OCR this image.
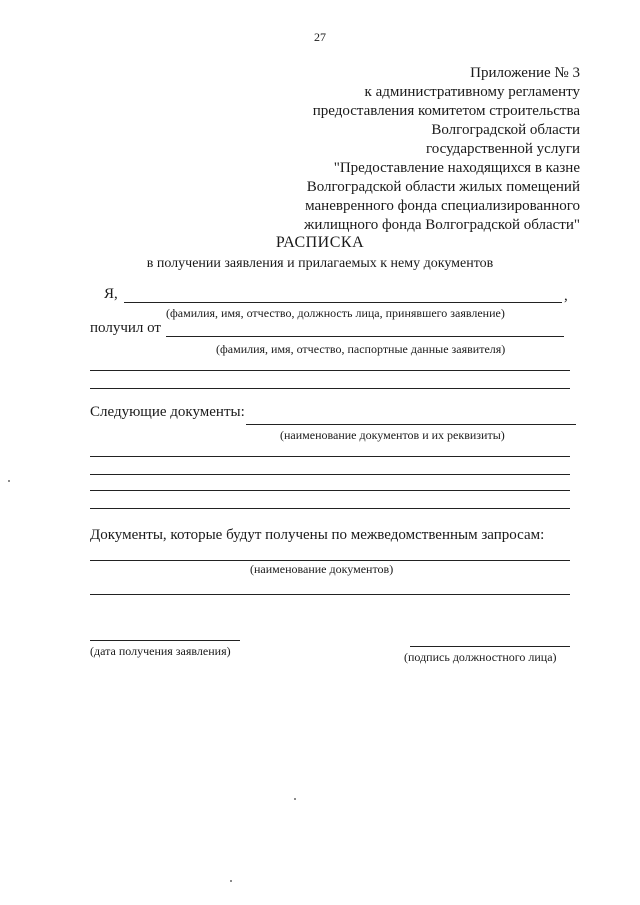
27
Приложение № 3
к административному регламенту
предоставления комитетом строительства
Волгоградской области
государственной услуги
"Предоставление находящихся в казне
Волгоградской области жилых помещений
маневренного фонда специализированного
жилищного фонда Волгоградской области"
РАСПИСКА
в получении заявления и прилагаемых к нему документов
Я,	,
(фамилия, имя, отчество, должность лица, принявшего заявление)
получил от
(фамилия, имя, отчество, паспортные данные заявителя)
Следующие документы:
(наименование документов и их реквизиты)
Документы, которые будут получены по межведомственным запросам:
(наименование документов)
(дата получения заявления)	(подпись должностного лица)
